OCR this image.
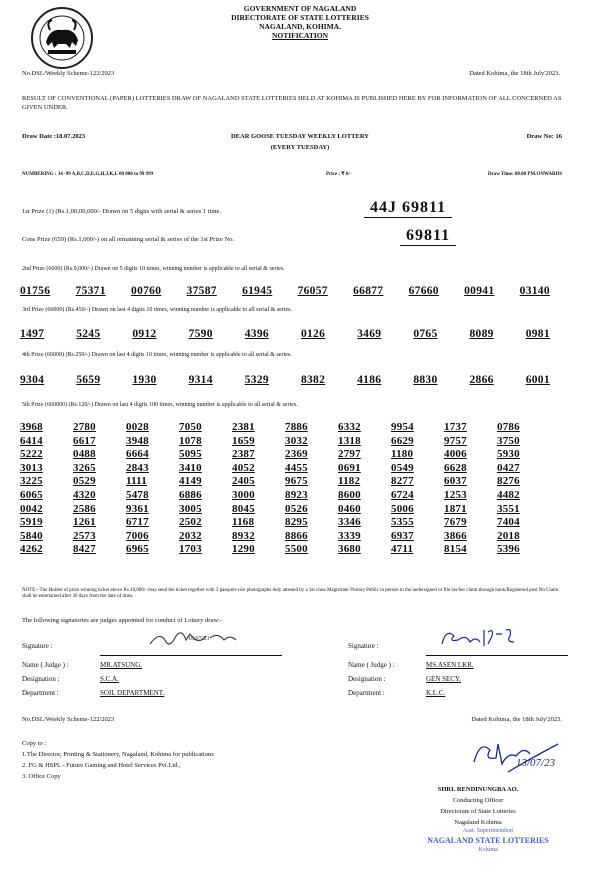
GOVERNMENT OF NAGALAND
DIRECTORATE OF STATE LOTTERIES
NAGALAND, KOHIMA.
NOTIFICATION
No.DSL/Weekly Scheme-122/2023	Dated Kohima, the 18th July'2023.
RESULT OF CONVENTIONAL (PAPER) LOTTERIES DRAW OF NAGALAND STATE LOTTERIES HELD AT KOHIMA IS PUBLISHED HERE BY FOR INFORMATION OF ALL CONCERNED AS GIVEN UNDER.
Draw Date :18.07.2023	DEAR GOOSE TUESDAY WEEKLY LOTTERY
(EVERY TUESDAY)
Draw No: 16
NUMBERING : 34 -99 A,B,C,D,E,G,H,J,K,L 00 000 to 99 999	Price : ₹ 6/-	Draw Time: 08.00 PM.ONWARDS
1st Prize (1) (Rs.1,00,00,000/- Drawn on 5 digits with serial & series 1 time.	44J 69811
Cons Prize (659) (Rs.1,000/-) on all remaining serial & series of the 1st Prize No.	69811
2nd Prize (6600) (Rs.9,000/-) Drawn on 5 digits 10 times, winning number is applicable to all serial & series.
01756 75371 00760 37587 61945 76057 66877 67660 00941 03140
3rd Prize (66000) (Rs.450/-) Drawn on last 4 digits 10 times, winning number is applicable to all serial & series.
1497	5245	0912	7590	4396	0126	3469	0765	8089	0981
4th Prize (66000) (Rs.250/-) Drawn on last 4 digits 10 times, winning number is applicable to all serial & series.
9304	5659	1930	9314	5329	8382	4186	8830	2866	6001
5th Prize (660000) (Rs.120/-) Drawn on last 4 digits 100 times, winning number is applicable to all serial & series.
3968	2780	0028	7050	2381	7886	6332	9954	1737	0786
6414	6617	3948	1078	1659	3032	1318	6629	9757	3750
5222	0488	6664	5095	2387	2369	2797	1180	4006	5930
3013	3265	2843	3410	4052	4455	0691	0549	6628	0427
3225	0529	1111	4149	2405	9675	1182	8277	6037	8276
6065	4320	5478	6886	3000	8923	8600	6724	1253	4482
0042	2586	9361	3005	8045	0526	0460	5006	1871	3551
5919	1261	6717	2502	1168	8295	3346	5355	7679	7404
5840	2573	7006	2032	8932	8866	3339	6937	3866	2018
4262	8427	6965	1703	1290	5500	3680	4711	8154	5396
NOTE:- The Holder of prize winning ticket above Rs.10,000/- may send the ticket together with 3 passport size photographs duly attested by a 1st class Magistrate /Notary Public in person to the undersigned or file his/her claim through bank/Registered post No Claim shall be entertained after 30 days from the date of draw.
The following signatories are judges appointed for conduct of Lottery draw:-
Signature :
18/07/23
Name ( Judge ) :	MR.ATSUNG.
Designation :	S.C.A.
Department :	SOIL DEPARTMENT.
Signature :
Name ( Judge ) :	MS.ASEN LKR.
Designation :	GEN SECY.
Department :	K.L.C.
No.DSL/Weekly Scheme-122/2023	Dated Kohima, the 18th July'2023.
Copy to :
1.The Director, Printing & Stationery, Nagaland, Kohima for publications
2. FG & HSPL - Future Gaming and Hotel Services Pvt.Ltd.,
3. Office Copy
13/07/23
SHRI. RENDINUNGBA AO.
Conducting Officer
Directorate of State Lotteries
Nagaland Kohima
Asst. Superintendent
NAGALAND STATE LOTTERIES
Kohima
